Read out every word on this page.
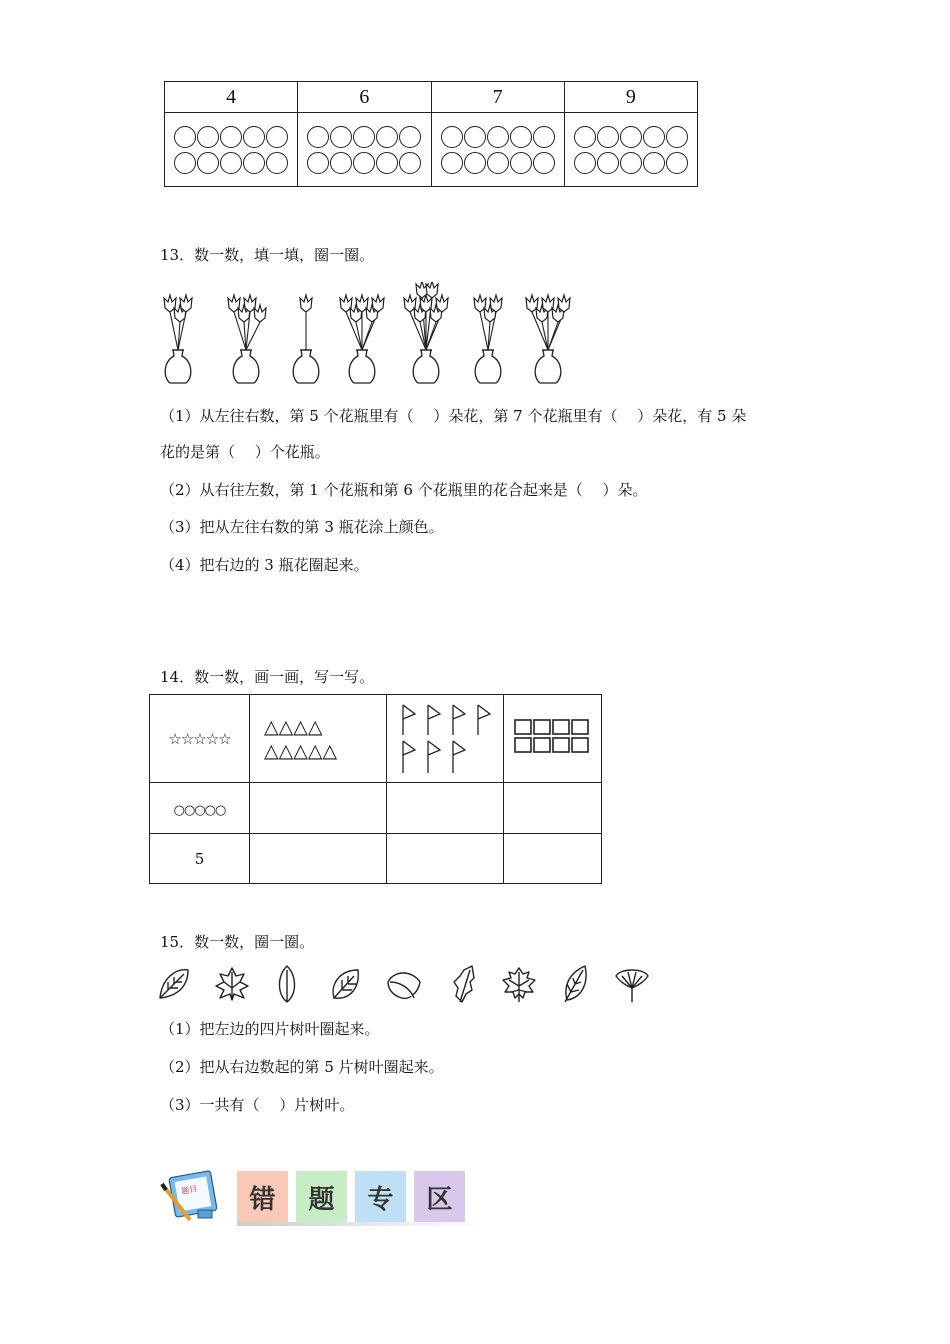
4	6	7	9

13．数一数，填一填，圈一圈。
（1）从左往右数，第 5 个花瓶里有（　 ）朵花，第 7 个花瓶里有（　 ）朵花，有 5 朵
花的是第（　 ）个花瓶。
（2）从右往左数，第 1 个花瓶和第 6 个花瓶里的花合起来是（　 ）朵。
（3）把从左往右数的第 3 瓶花涂上颜色。
（4）把右边的 3 瓶花圈起来。
14．数一数，画一画，写一写。
☆☆☆☆☆	△△△△
△△△△△

○○○○○			
5			
15．数一数，圈一圈。
（1）把左边的四片树叶圈起来。
（2）把从右边数起的第 5 片树叶圈起来。
（3）一共有（　 ）片树叶。
题目 错 题 专 区
